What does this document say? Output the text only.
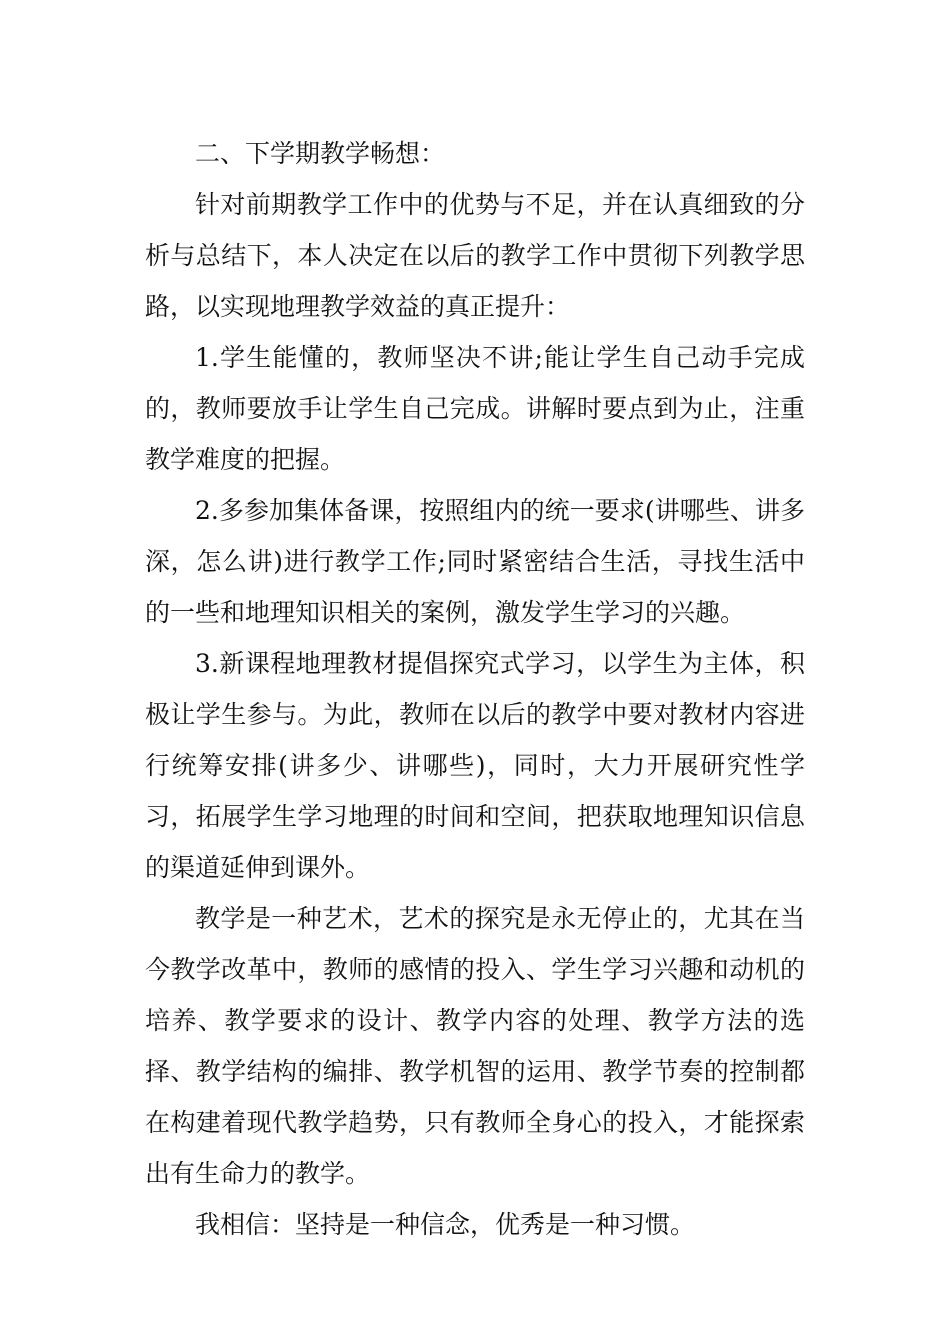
二、下学期教学畅想：

针对前期教学工作中的优势与不足，并在认真细致的分析与总结下，本人决定在以后的教学工作中贯彻下列教学思路，以实现地理教学效益的真正提升：

1.学生能懂的，教师坚决不讲;能让学生自己动手完成的，教师要放手让学生自己完成。讲解时要点到为止，注重教学难度的把握。

2.多参加集体备课，按照组内的统一要求(讲哪些、讲多深，怎么讲)进行教学工作;同时紧密结合生活，寻找生活中的一些和地理知识相关的案例，激发学生学习的兴趣。

3.新课程地理教材提倡探究式学习，以学生为主体，积极让学生参与。为此，教师在以后的教学中要对教材内容进行统筹安排(讲多少、讲哪些)，同时，大力开展研究性学习，拓展学生学习地理的时间和空间，把获取地理知识信息的渠道延伸到课外。

教学是一种艺术，艺术的探究是永无停止的，尤其在当今教学改革中，教师的感情的投入、学生学习兴趣和动机的培养、教学要求的设计、教学内容的处理、教学方法的选择、教学结构的编排、教学机智的运用、教学节奏的控制都在构建着现代教学趋势，只有教师全身心的投入，才能探索出有生命力的教学。

我相信：坚持是一种信念，优秀是一种习惯。
